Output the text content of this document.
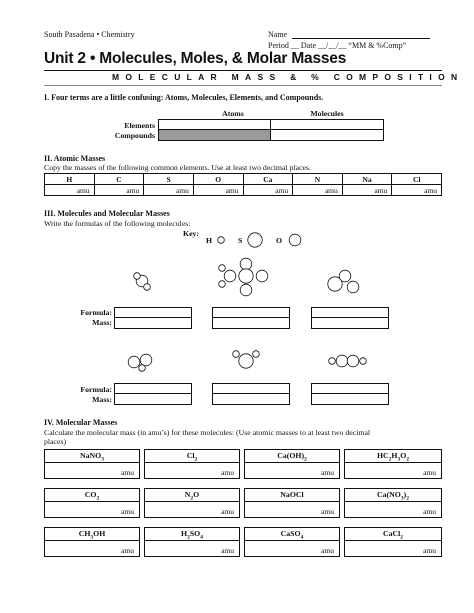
South Pasadena • Chemistry	Name
Period __ Date __/__/__ “MM & %Comp”
Unit 2 • Molecules, Moles, & Molar Masses
MOLECULAR MASS & % COMPOSITION
I. Four terms are a little confusing: Atoms, Molecules, Elements, and Compounds.
Atoms	Molecules
Elements
Compounds
II. Atomic Masses
Copy the masses of the following common elements. Use at least two decimal places.
H	C	S	O	Ca	N	Na	Cl
amu	amu	amu	amu	amu	amu	amu	amu
III. Molecules and Molecular Masses
Write the formulas of the following molecules:
Key:
H	S	O
Formula:
Mass:
Formula:
Mass:
IV. Molecular Masses
Calculate the molecular mass (in amu’s) for these molecules: (Use atomic masses to at least two decimal
places)
NaNO$_3$
amu
$Cl_2$
amu
$Ca(OH)_2$
amu
$HC_2H_3O_2$
amu
$CO_2$
amu
$N_2O$
amu
NaOCl
amu
$Ca(NO_3)_2$
amu
$CH_3OH$
amu
$H_2SO_4$
amu
CaSO$_4$
amu
CaCl$_2$
amu
